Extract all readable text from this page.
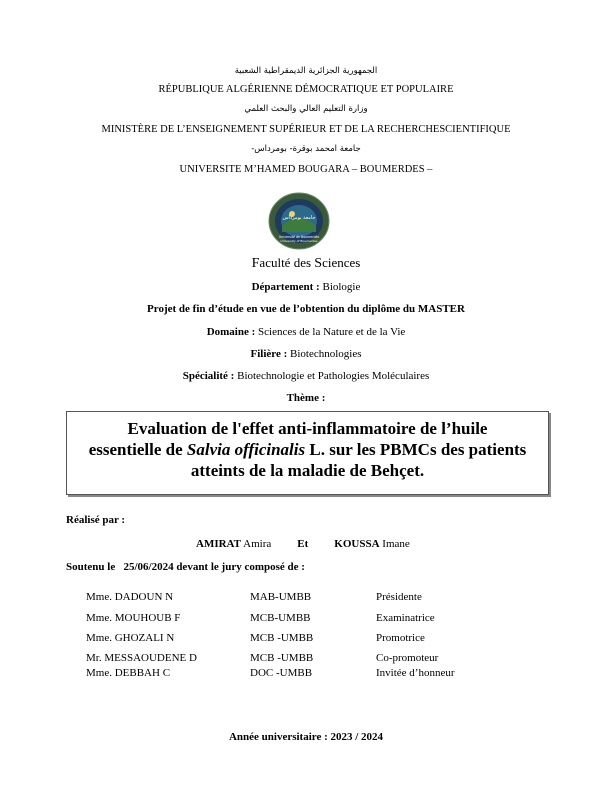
الجمهورية الجزائرية الديمقراطية الشعبية
RÉPUBLIQUE ALGÉRIENNE DÉMOCRATIQUE ET POPULAIRE
وزارة التعليم العالي والبحث العلمي
MINISTÈRE DE L’ENSEIGNEMENT SUPÉRIEUR ET DE LA RECHERCHESCIENTIFIQUE
جامعة امحمد بوقرة- بومرداس-
UNIVERSITE M’HAMED BOUGARA – BOUMERDES –
جامعة بومرداس
Université de Boumerdès
University of Boumerdes
Faculté des Sciences
Département : Biologie
Projet de fin d’étude en vue de l’obtention du diplôme du MASTER
Domaine : Sciences de la Nature et de la Vie
Filière : Biotechnologies
Spécialité : Biotechnologie et Pathologies Moléculaires
Thème :
Evaluation de l'effet anti-inflammatoire de l’huile
essentielle de Salvia officinalis L. sur les PBMCs des patients
atteints de la maladie de Behçet.
Réalisé par :
AMIRAT Amira Et KOUSSA Imane
Soutenu le   25/06/2024 devant le jury composé de :
Mme. DADOUN N	MAB-UMBB	Présidente
Mme. MOUHOUB F	MCB-UMBB	Examinatrice
Mme. GHOZALI N	MCB -UMBB	Promotrice
Mr. MESSAOUDENE D	MCB -UMBB	Co-promoteur
Mme. DEBBAH C	DOC -UMBB	Invitée d’honneur
Année universitaire : 2023 / 2024
